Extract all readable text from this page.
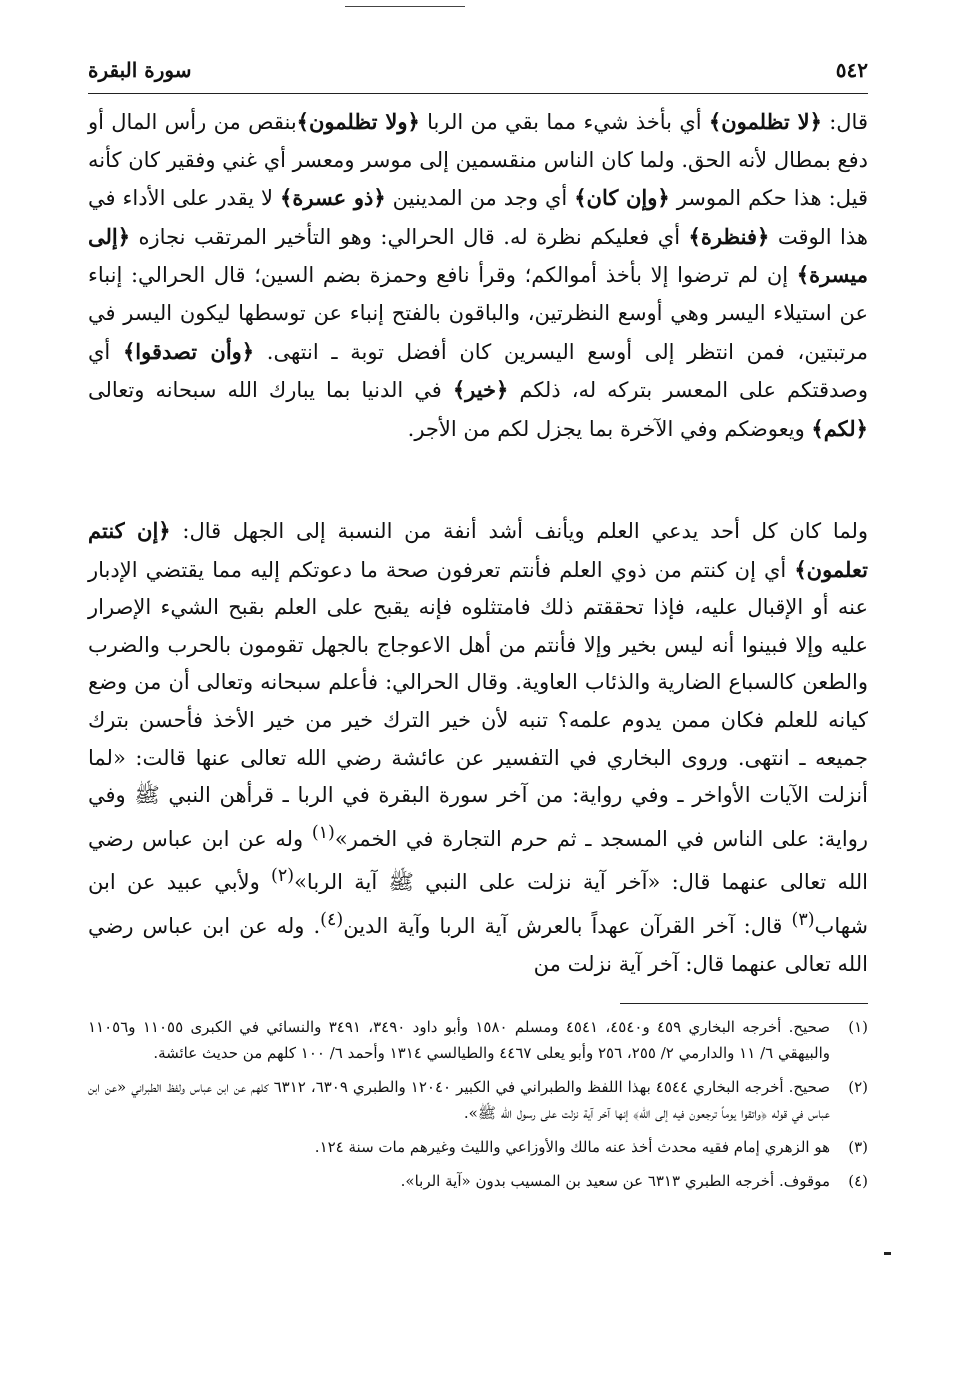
٥٤٢
سورة البقرة
قال: ﴿لا تظلمون﴾ أي بأخذ شيء مما بقي من الربا ﴿ولا تظلمون﴾بنقص من رأس المال أو دفع بمطال لأنه الحق. ولما كان الناس منقسمين إلى موسر ومعسر أي غني وفقير كان كأنه قيل: هذا حكم الموسر ﴿وإن كان﴾ أي وجد من المدينين ﴿ذو عسرة﴾ لا يقدر على الأداء في هذا الوقت ﴿فنظرة﴾ أي فعليكم نظرة له. قال الحرالي: وهو التأخير المرتقب نجازه ﴿إلى ميسرة﴾ إن لم ترضوا إلا بأخذ أموالكم؛ وقرأ نافع وحمزة بضم السين؛ قال الحرالي: إنباء عن استيلاء اليسر وهي أوسع النظرتين، والباقون بالفتح إنباء عن توسطها ليكون اليسر في مرتبتين، فمن انتظر إلى أوسع اليسرين كان أفضل توبة ـ انتهى. ﴿وأن تصدقوا﴾ أي وصدقتكم على المعسر بتركه له، ذلكم ﴿خير﴾ في الدنيا بما يبارك الله سبحانه وتعالى ﴿لكم﴾ ويعوضكم وفي الآخرة بما يجزل لكم من الأجر.
ولما كان كل أحد يدعي العلم ويأنف أشد أنفة من النسبة إلى الجهل قال: ﴿إن كنتم تعلمون﴾ أي إن كنتم من ذوي العلم فأنتم تعرفون صحة ما دعوتكم إليه مما يقتضي الإدبار عنه أو الإقبال عليه، فإذا تحققتم ذلك فامتثلوه فإنه يقبح على العلم بقبح الشيء الإصرار عليه وإلا فبينوا أنه ليس بخير وإلا فأنتم من أهل الاعوجاج بالجهل تقومون بالحرب والضرب والطعن كالسباع الضارية والذئاب العاوية. وقال الحرالي: فأعلم سبحانه وتعالى أن من وضع كيانه للعلم فكان ممن يدوم علمه؟ تنبه لأن خير الترك خير من خير الأخذ فأحسن بترك جميعه ـ انتهى. وروى البخاري في التفسير عن عائشة رضي الله تعالى عنها قالت: «لما أنزلت الآيات الأواخر ـ وفي رواية: من آخر سورة البقرة في الربا ـ قرأهن النبي ﷺ وفي رواية: على الناس في المسجد ـ ثم حرم التجارة في الخمر»$^{(١)}$ وله عن ابن عباس رضي الله تعالى عنهما قال: «آخر آية نزلت على النبي ﷺ آية الربا»$^{(٢)}$ ولأبي عبيد عن ابن شهاب$^{(٣)}$ قال: آخر القرآن عهداً بالعرش آية الربا وآية الدين$^{(٤)}$. وله عن ابن عباس رضي الله تعالى عنهما قال: آخر آية نزلت من
(١)
صحيح. أخرجه البخاري ٤٥٩ و٤٥٤٠، ٤٥٤١ ومسلم ١٥٨٠ وأبو داود ٣٤٩٠، ٣٤٩١ والنسائي في الكبرى ١١٠٥٥ و١١٠٥٦ والبيهقي ٦/ ١١ والدارمي ٢/ ٢٥٥، ٢٥٦ وأبو يعلى ٤٤٦٧ والطيالسي ١٣١٤ وأحمد ٦/ ١٠٠ كلهم من حديث عائشة.
(٢)
صحيح. أخرجه البخاري ٤٥٤٤ بهذا اللفظ والطبراني في الكبير ١٢٠٤٠ والطبري ٦٣٠٩، ٦٣١٢ كلهم عن ابن عباس ولفظ الطبراني «عن ابن عباس في قوله ﴿واتقوا يوماً ترجعون فيه إلى الله﴾ إنها آخر آية نزلت على رسول الله ﷺ».
(٣)
هو الزهري إمام فقيه محدث أخذ عنه مالك والأوزاعي والليث وغيرهم مات سنة ١٢٤.
(٤)
موقوف. أخرجه الطبري ٦٣١٣ عن سعيد بن المسيب بدون «آية الربا».
